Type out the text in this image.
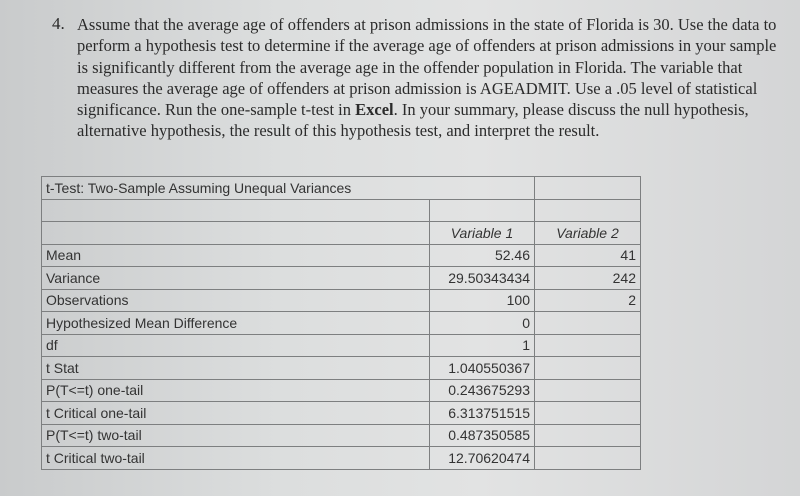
4. Assume that the average age of offenders at prison admissions in the state of Florida is 30. Use the data to perform a hypothesis test to determine if the average age of offenders at prison admissions in your sample is significantly different from the average age in the offender population in Florida. The variable that measures the average age of offenders at prison admission is AGEADMIT. Use a .05 level of statistical significance. Run the one-sample t-test in Excel. In your summary, please discuss the null hypothesis, alternative hypothesis, the result of this hypothesis test, and interpret the result.
t-Test: Two-Sample Assuming Unequal Variances		

	Variable 1	Variable 2
Mean	52.46	41
Variance	29.50343434	242
Observations	100	2
Hypothesized Mean Difference	0	
df	1	
t Stat	1.040550367	
P(T<=t) one-tail	0.243675293	
t Critical one-tail	6.313751515	
P(T<=t) two-tail	0.487350585	
t Critical two-tail	12.70620474	
